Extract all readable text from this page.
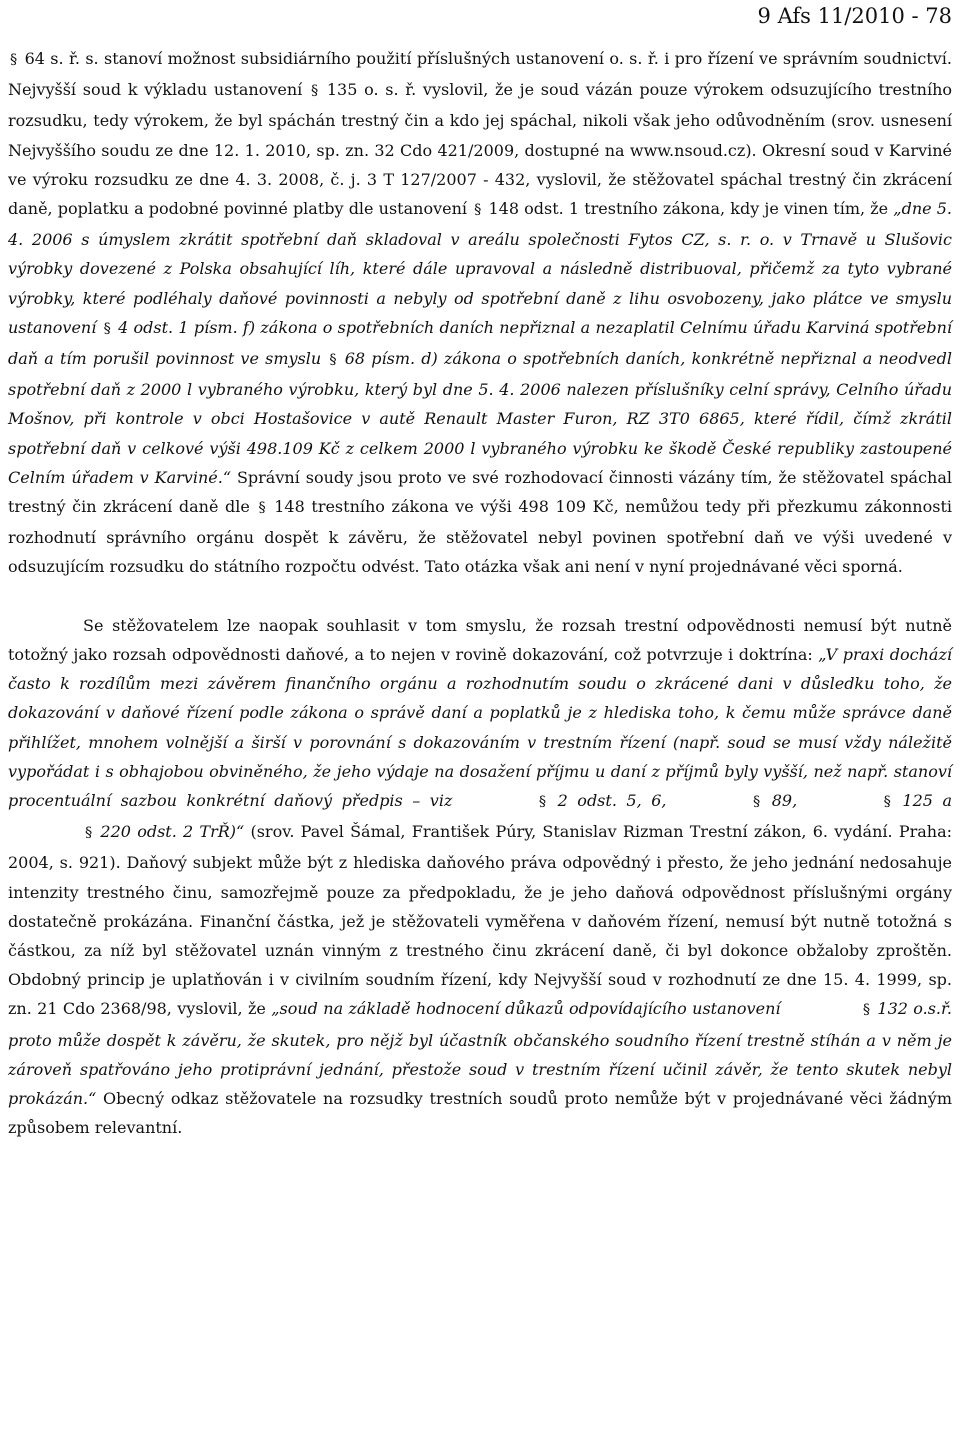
9 Afs 11/2010 - 78

§ 64 s. ř. s. stanoví možnost subsidiárního použití příslušných ustanovení o. s. ř. i pro řízení ve správním soudnictví. Nejvyšší soud k výkladu ustanovení § 135 o. s. ř. vyslovil, že je soud vázán pouze výrokem odsuzujícího trestního rozsudku, tedy výrokem, že byl spáchán trestný čin a kdo jej spáchal, nikoli však jeho odůvodněním (srov. usnesení Nejvyššího soudu ze dne 12. 1. 2010, sp. zn. 32 Cdo 421/2009, dostupné na www.nsoud.cz). Okresní soud v Karviné ve výroku rozsudku ze dne 4. 3. 2008, č. j. 3 T 127/2007 - 432, vyslovil, že stěžovatel spáchal trestný čin zkrácení daně, poplatku a podobné povinné platby dle ustanovení § 148 odst. 1 trestního zákona, kdy je vinen tím, že „dne 5. 4. 2006 s úmyslem zkrátit spotřební daň skladoval v areálu společnosti Fytos CZ, s. r. o. v Trnavě u Slušovic výrobky dovezené z Polska obsahující líh, které dále upravoval a následně distribuoval, přičemž za tyto vybrané výrobky, které podléhaly daňové povinnosti a nebyly od spotřební daně z lihu osvobozeny, jako plátce ve smyslu ustanovení § 4 odst. 1 písm. f) zákona o spotřebních daních nepřiznal a nezaplatil Celnímu úřadu Karviná spotřební daň a tím porušil povinnost ve smyslu § 68 písm. d) zákona o spotřebních daních, konkrétně nepřiznal a neodvedl spotřební daň z 2000 l vybraného výrobku, který byl dne 5. 4. 2006 nalezen příslušníky celní správy, Celního úřadu Mošnov, při kontrole v obci Hostašovice v autě Renault Master Furon, RZ 3T0 6865, které řídil, čímž zkrátil spotřební daň v celkové výši 498.109 Kč z celkem 2000 l vybraného výrobku ke škodě České republiky zastoupené Celním úřadem v Karviné.“ Správní soudy jsou proto ve své rozhodovací činnosti vázány tím, že stěžovatel spáchal trestný čin zkrácení daně dle § 148 trestního zákona ve výši 498 109 Kč, nemůžou tedy při přezkumu zákonnosti rozhodnutí správního orgánu dospět k závěru, že stěžovatel nebyl povinen spotřební daň ve výši uvedené v odsuzujícím rozsudku do státního rozpočtu odvést. Tato otázka však ani není v nyní projednávané věci sporná.

Se stěžovatelem lze naopak souhlasit v tom smyslu, že rozsah trestní odpovědnosti nemusí být nutně totožný jako rozsah odpovědnosti daňové, a to nejen v rovině dokazování, což potvrzuje i doktrína: „V praxi dochází často k rozdílům mezi závěrem finančního orgánu a rozhodnutím soudu o zkrácené dani v důsledku toho, že dokazování v daňové řízení podle zákona o správě daní a poplatků je z hlediska toho, k čemu může správce daně přihlížet, mnohem volnější a širší v porovnání s dokazováním v trestním řízení (např. soud se musí vždy náležitě vypořádat i s obhajobou obviněného, že jeho výdaje na dosažení příjmu u daní z příjmů byly vyšší, než např. stanoví procentuální sazbou konkrétní daňový předpis – viz	§ 2 odst. 5, 6,	§ 89,	§ 125 a § 220 odst. 2 TrŘ)“ (srov. Pavel Šámal, František Púry, Stanislav Rizman Trestní zákon, 6. vydání. Praha: 2004, s. 921). Daňový subjekt může být z hlediska daňového práva odpovědný i přesto, že jeho jednání nedosahuje intenzity trestného činu, samozřejmě pouze za předpokladu, že je jeho daňová odpovědnost příslušnými orgány dostatečně prokázána. Finanční částka, jež je stěžovateli vyměřena v daňovém řízení, nemusí být nutně totožná s částkou, za níž byl stěžovatel uznán vinným z trestného činu zkrácení daně, či byl dokonce obžaloby zproštěn. Obdobný princip je uplatňován i v civilním soudním řízení, kdy Nejvyšší soud v rozhodnutí ze dne 15. 4. 1999, sp. zn. 21 Cdo 2368/98, vyslovil, že „soud na základě hodnocení důkazů odpovídajícího ustanovení	§ 132 o.s.ř. proto může dospět k závěru, že skutek, pro nějž byl účastník občanského soudního řízení trestně stíhán a v něm je zároveň spatřováno jeho protiprávní jednání, přestože soud v trestním řízení učinil závěr, že tento skutek nebyl prokázán.“ Obecný odkaz stěžovatele na rozsudky trestních soudů proto nemůže být v projednávané věci žádným způsobem relevantní.
